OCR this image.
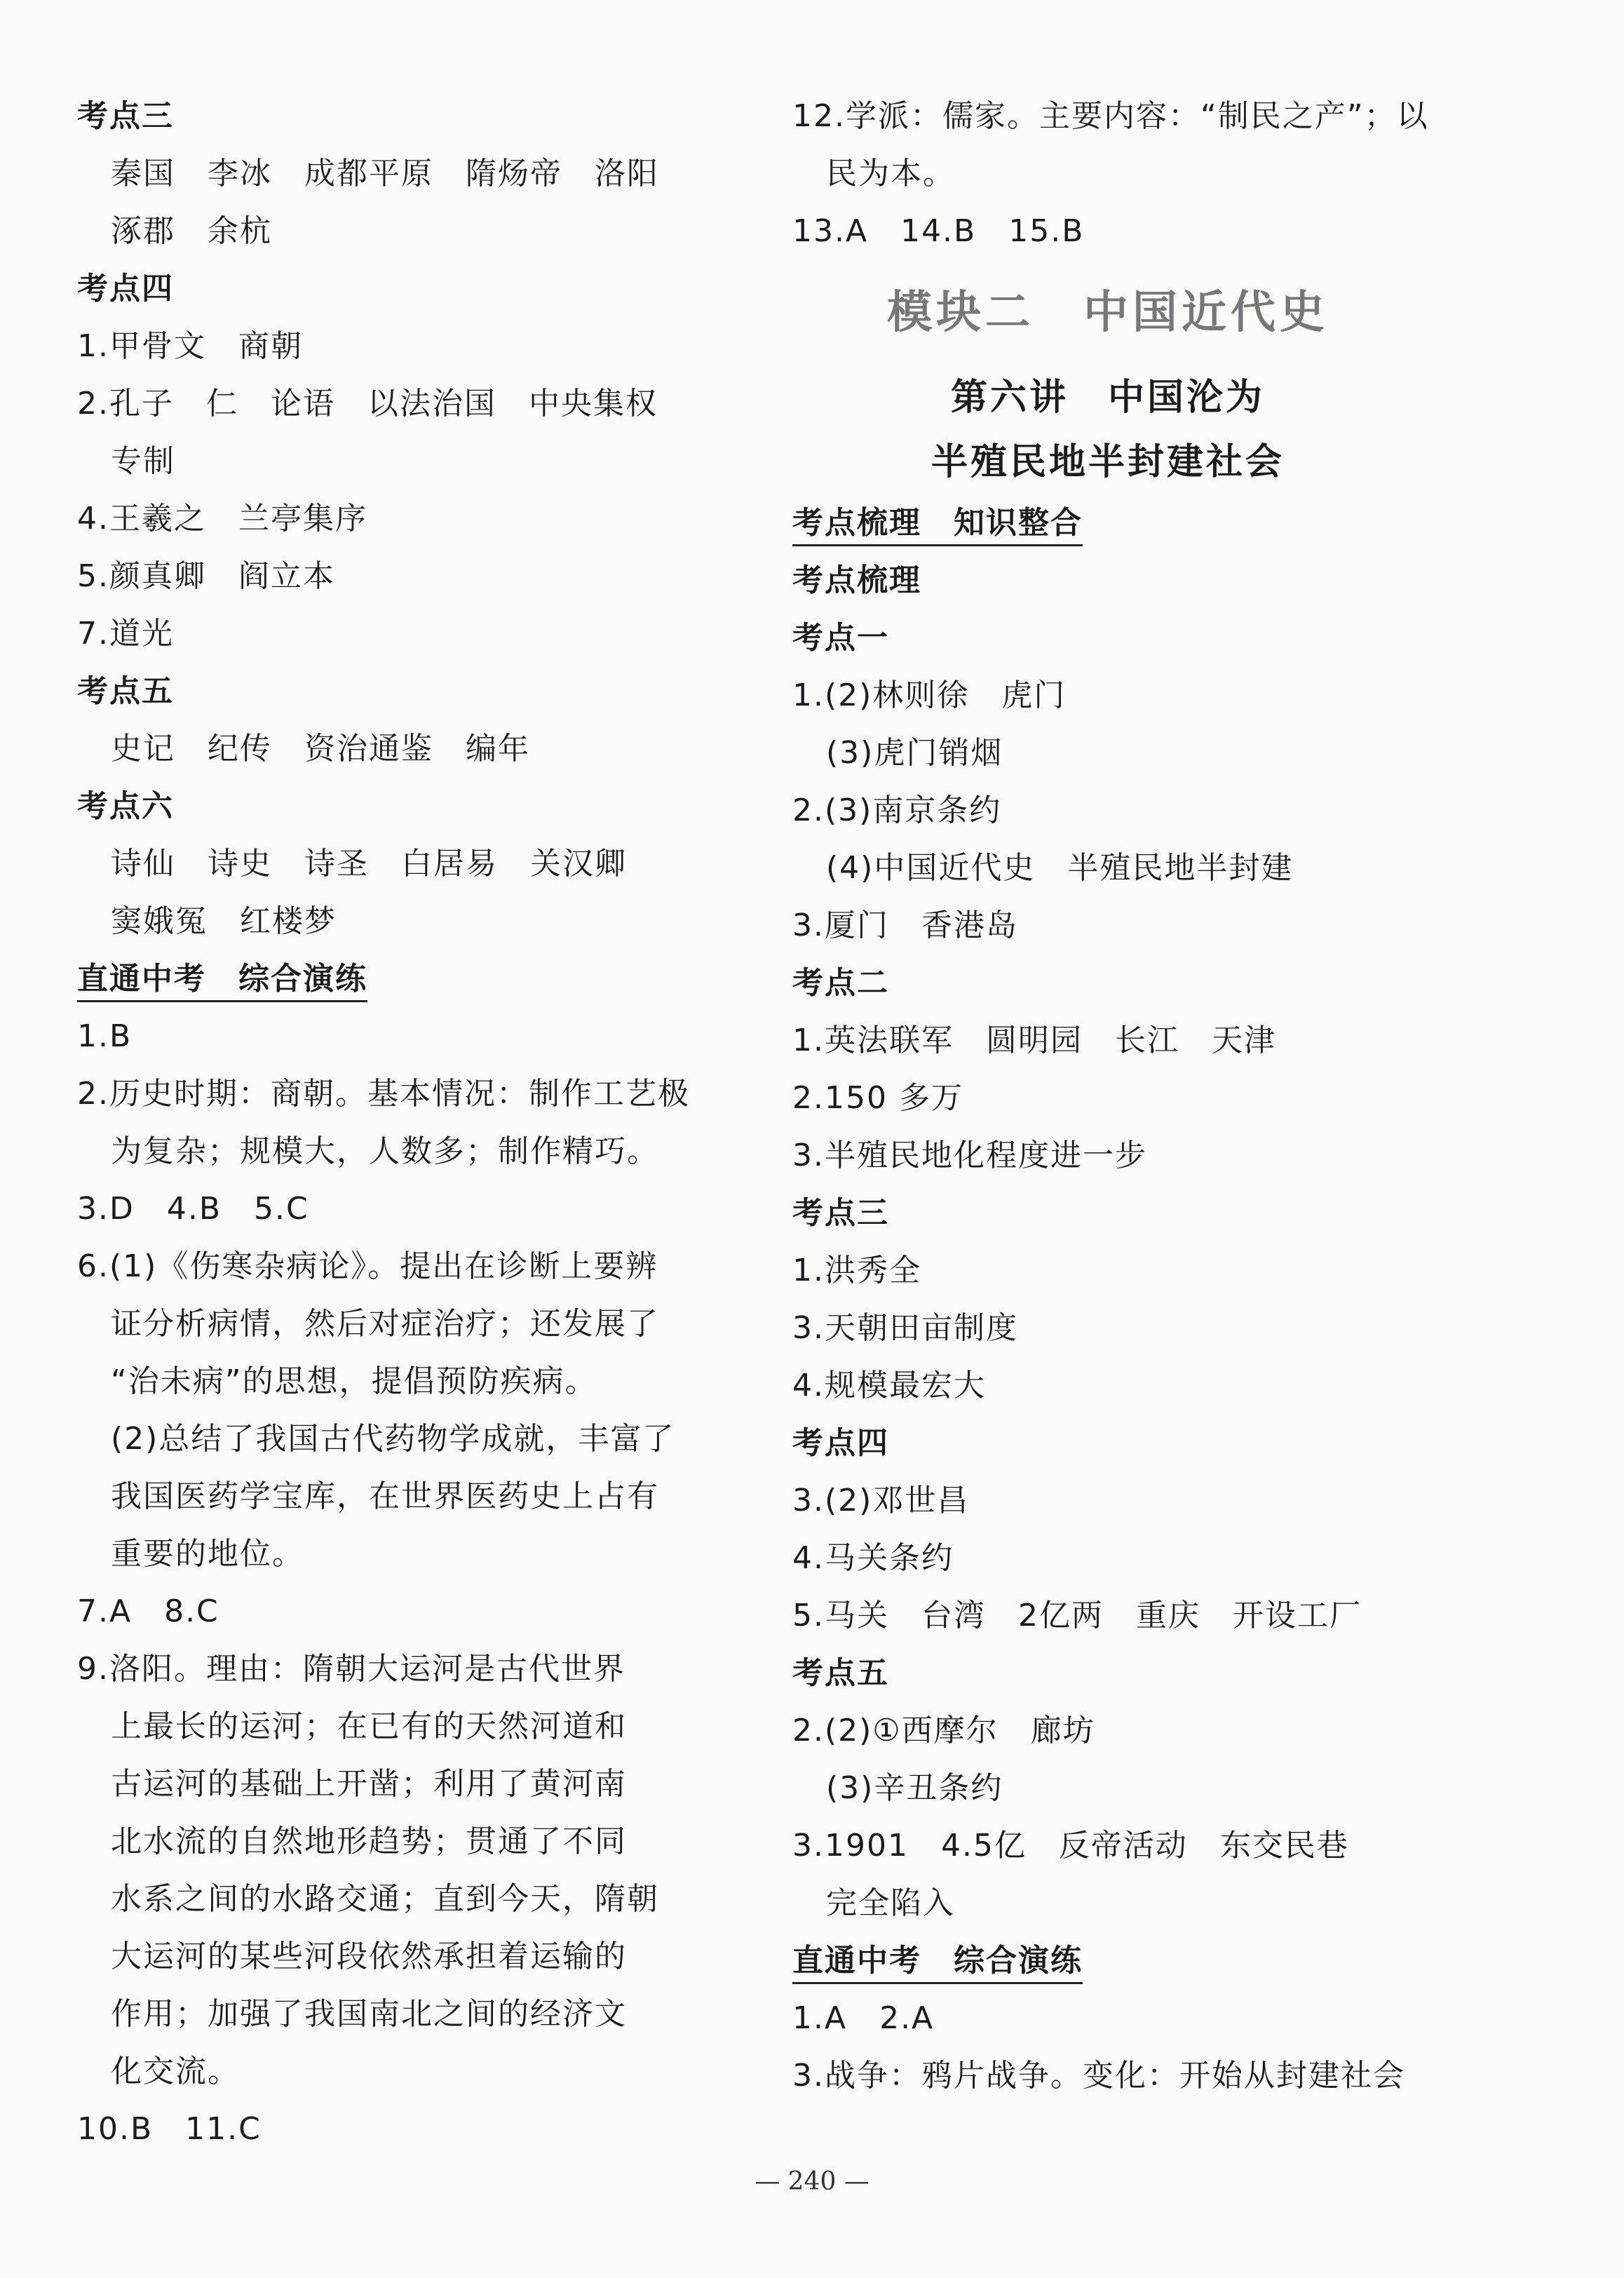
考点三
秦国　李冰　成都平原　隋炀帝　洛阳
涿郡　余杭
考点四
1.甲骨文　商朝
2.孔子　仁　论语　以法治国　中央集权
专制
4.王羲之　兰亭集序
5.颜真卿　阎立本
7.道光
考点五
史记　纪传　资治通鉴　编年
考点六
诗仙　诗史　诗圣　白居易　关汉卿
窦娥冤　红楼梦
直通中考　综合演练
1.B
2.历史时期：商朝。基本情况：制作工艺极
为复杂；规模大，人数多；制作精巧。
3.D　4.B　5.C
6.(1)《伤寒杂病论》。提出在诊断上要辨
证分析病情，然后对症治疗；还发展了
“治未病”的思想，提倡预防疾病。
(2)总结了我国古代药物学成就，丰富了
我国医药学宝库，在世界医药史上占有
重要的地位。
7.A　8.C
9.洛阳。理由：隋朝大运河是古代世界
上最长的运河；在已有的天然河道和
古运河的基础上开凿；利用了黄河南
北水流的自然地形趋势；贯通了不同
水系之间的水路交通；直到今天，隋朝
大运河的某些河段依然承担着运输的
作用；加强了我国南北之间的经济文
化交流。
10.B　11.C
12.学派：儒家。主要内容：“制民之产”；以
民为本。
13.A　14.B　15.B
模块二　中国近代史
第六讲　中国沦为
半殖民地半封建社会
考点梳理　知识整合
考点梳理
考点一
1.(2)林则徐　虎门
(3)虎门销烟
2.(3)南京条约
(4)中国近代史　半殖民地半封建
3.厦门　香港岛
考点二
1.英法联军　圆明园　长江　天津
2.150 多万
3.半殖民地化程度进一步
考点三
1.洪秀全
3.天朝田亩制度
4.规模最宏大
考点四
3.(2)邓世昌
4.马关条约
5.马关　台湾　2亿两　重庆　开设工厂
考点五
2.(2)①西摩尔　廊坊
(3)辛丑条约
3.1901　4.5亿　反帝活动　东交民巷
完全陷入
直通中考　综合演练
1.A　2.A
3.战争：鸦片战争。变化：开始从封建社会
— 240 —
